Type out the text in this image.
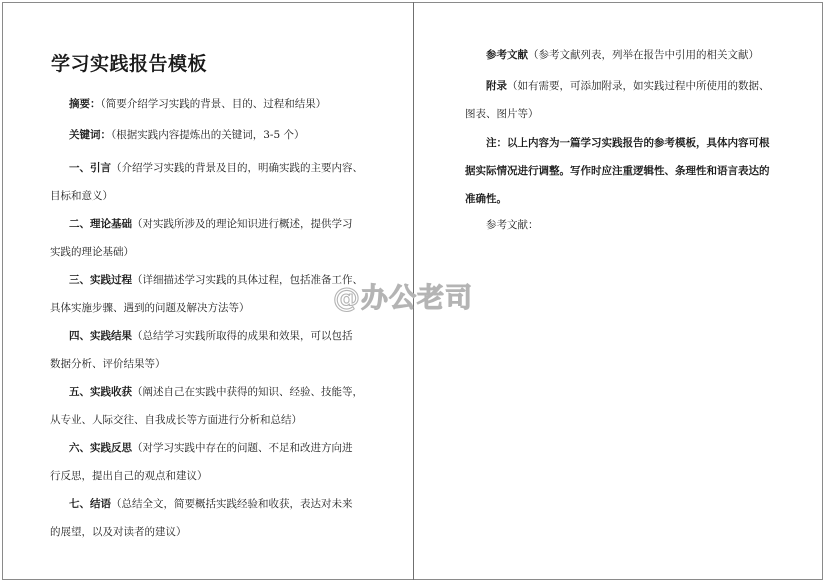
学习实践报告模板

摘要：（简要介绍学习实践的背景、目的、过程和结果）

关键词：（根据实践内容提炼出的关键词，3-5 个）

一、引言（介绍学习实践的背景及目的，明确实践的主要内容、
目标和意义）
二、理论基础（对实践所涉及的理论知识进行概述，提供学习
实践的理论基础）
三、实践过程（详细描述学习实践的具体过程，包括准备工作、
具体实施步骤、遇到的问题及解决方法等）
四、实践结果（总结学习实践所取得的成果和效果，可以包括
数据分析、评价结果等）
五、实践收获（阐述自己在实践中获得的知识、经验、技能等，
从专业、人际交往、自我成长等方面进行分析和总结）
六、实践反思（对学习实践中存在的问题、不足和改进方向进
行反思，提出自己的观点和建议）
七、结语（总结全文，简要概括实践经验和收获，表达对未来
的展望，以及对读者的建议）
参考文献（参考文献列表，列举在报告中引用的相关文献）
附录（如有需要，可添加附录，如实践过程中所使用的数据、
图表、图片等）
注：以上内容为一篇学习实践报告的参考模板，具体内容可根
据实际情况进行调整。写作时应注重逻辑性、条理性和语言表达的
准确性。
参考文献：
@办公老司
